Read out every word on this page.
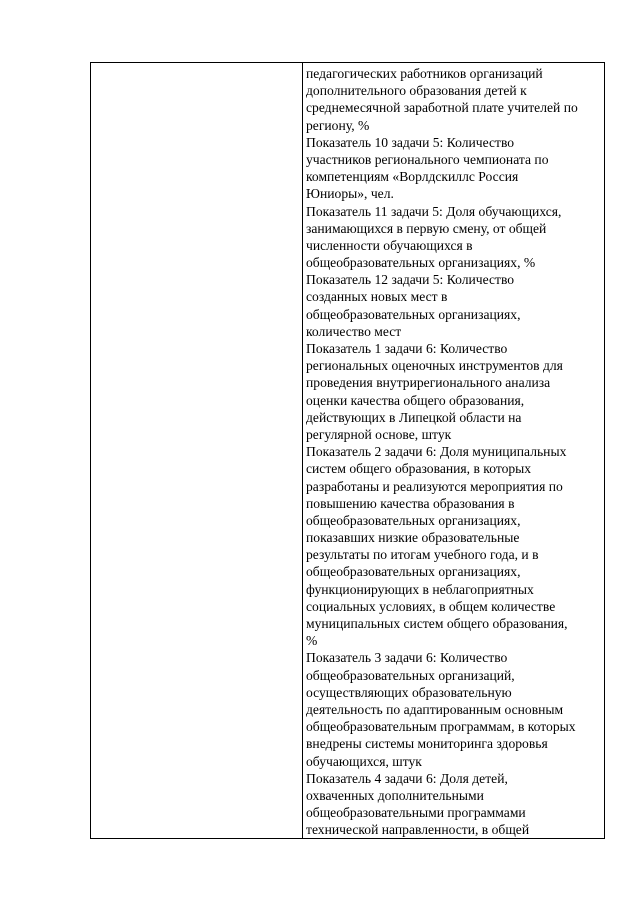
педагогических работников организаций
дополнительного образования детей к
среднемесячной заработной плате учителей по
региону, %
Показатель 10 задачи 5: Количество
участников регионального чемпионата по
компетенциям «Ворлдскиллс Россия
Юниоры», чел.
Показатель 11 задачи 5: Доля обучающихся,
занимающихся в первую смену, от общей
численности обучающихся в
общеобразовательных организациях, %
Показатель 12 задачи 5: Количество
созданных новых мест в
общеобразовательных организациях,
количество мест
Показатель 1 задачи 6: Количество
региональных оценочных инструментов для
проведения внутрирегионального анализа
оценки качества общего образования,
действующих в Липецкой области на
регулярной основе, штук
Показатель 2 задачи 6: Доля муниципальных
систем общего образования, в которых
разработаны и реализуются мероприятия по
повышению качества образования в
общеобразовательных организациях,
показавших низкие образовательные
результаты по итогам учебного года, и в
общеобразовательных организациях,
функционирующих в неблагоприятных
социальных условиях, в общем количестве
муниципальных систем общего образования,
%
Показатель 3 задачи 6: Количество
общеобразовательных организаций,
осуществляющих образовательную
деятельность по адаптированным основным
общеобразовательным программам, в которых
внедрены системы мониторинга здоровья
обучающихся, штук
Показатель 4 задачи 6: Доля детей,
охваченных дополнительными
общеобразовательными программами
технической направленности, в общей
